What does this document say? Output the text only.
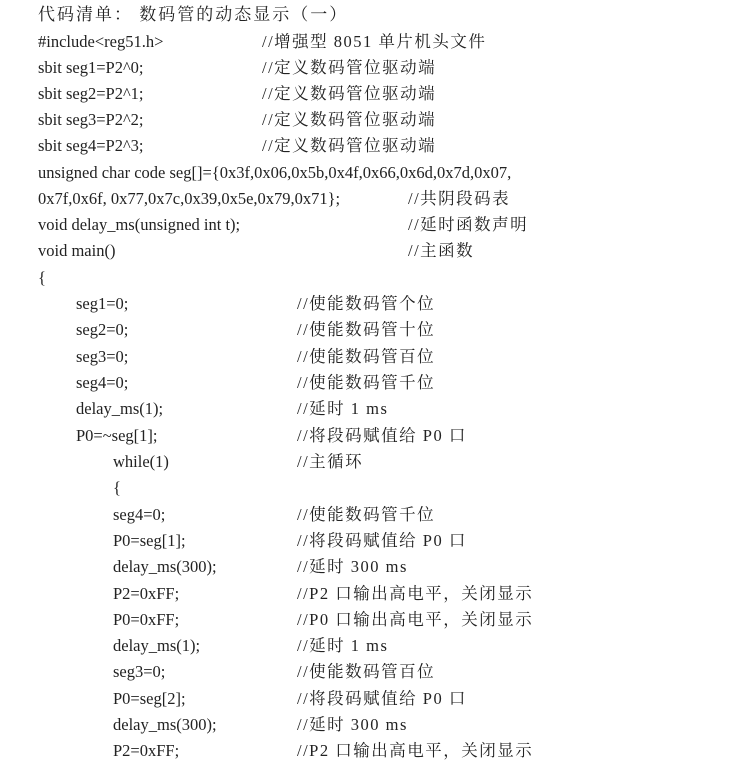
代码清单： 数码管的动态显示（一）
#include<reg51.h>	//增强型 8051 单片机头文件
sbit seg1=P2^0;	//定义数码管位驱动端
sbit seg2=P2^1;	//定义数码管位驱动端
sbit seg3=P2^2;	//定义数码管位驱动端
sbit seg4=P2^3;	//定义数码管位驱动端
unsigned char code seg[]={0x3f,0x06,0x5b,0x4f,0x66,0x6d,0x7d,0x07,
0x7f,0x6f, 0x77,0x7c,0x39,0x5e,0x79,0x71};	//共阴段码表
void delay_ms(unsigned int t);	//延时函数声明
void main()	//主函数
{
seg1=0;	//使能数码管个位
seg2=0;	//使能数码管十位
seg3=0;	//使能数码管百位
seg4=0;	//使能数码管千位
delay_ms(1);	//延时 1 ms
P0=~seg[1];	//将段码赋值给 P0 口
while(1)	//主循环
{
seg4=0;	//使能数码管千位
P0=seg[1];	//将段码赋值给 P0 口
delay_ms(300);	//延时 300 ms
P2=0xFF;	//P2 口输出高电平，关闭显示
P0=0xFF;	//P0 口输出高电平，关闭显示
delay_ms(1);	//延时 1 ms
seg3=0;	//使能数码管百位
P0=seg[2];	//将段码赋值给 P0 口
delay_ms(300);	//延时 300 ms
P2=0xFF;	//P2 口输出高电平，关闭显示
